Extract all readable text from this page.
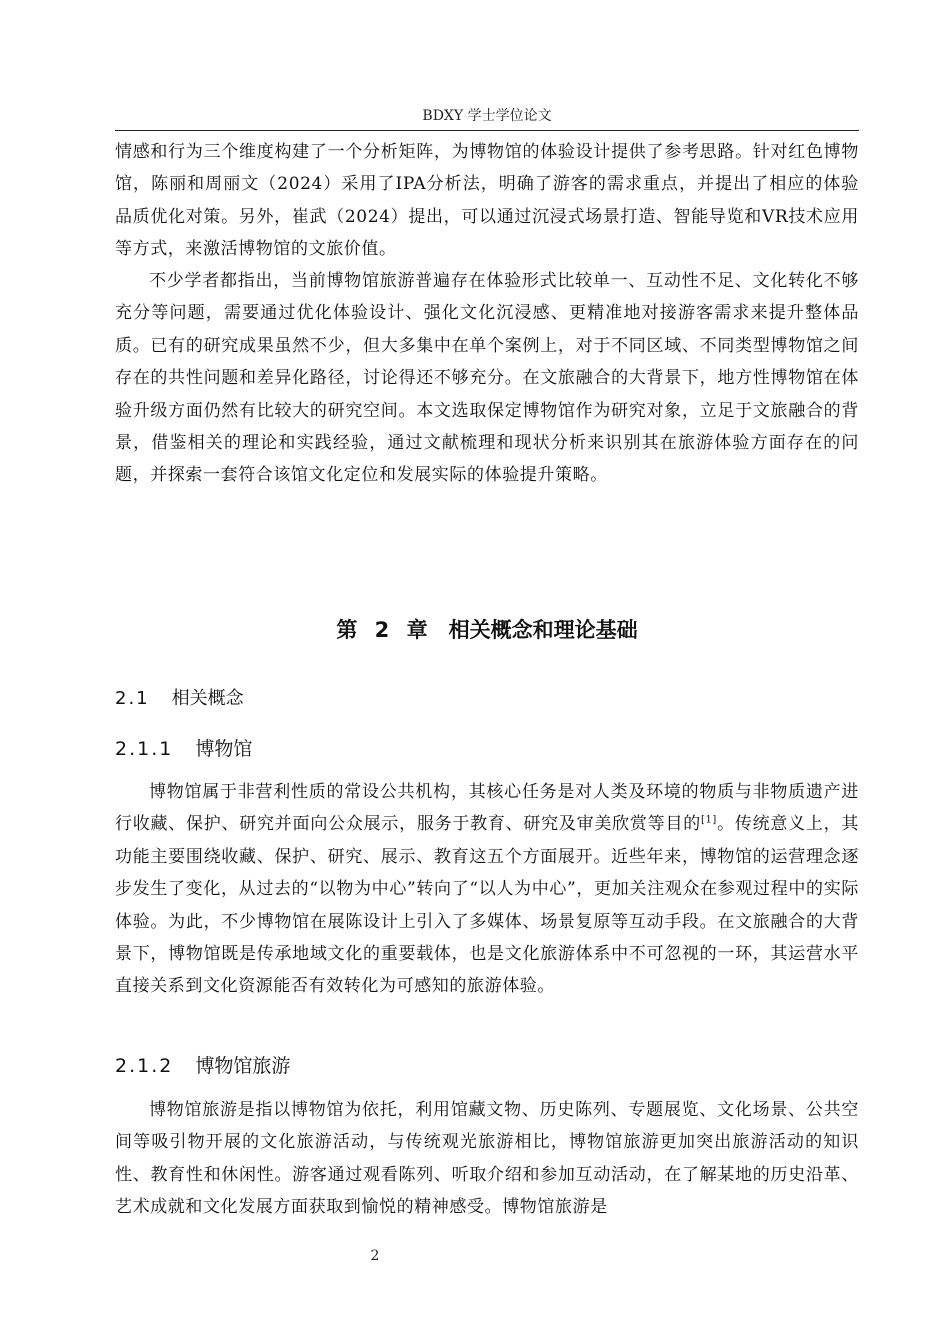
BDXY 学士学位论文

情感和行为三个维度构建了一个分析矩阵，为博物馆的体验设计提供了参考思路。针对红色博物馆，陈丽和周丽文（2024）采用了IPA分析法，明确了游客的需求重点，并提出了相应的体验品质优化对策。另外，崔武（2024）提出，可以通过沉浸式场景打造、智能导览和VR技术应用等方式，来激活博物馆的文旅价值。

不少学者都指出，当前博物馆旅游普遍存在体验形式比较单一、互动性不足、文化转化不够充分等问题，需要通过优化体验设计、强化文化沉浸感、更精准地对接游客需求来提升整体品质。已有的研究成果虽然不少，但大多集中在单个案例上，对于不同区域、不同类型博物馆之间存在的共性问题和差异化路径，讨论得还不够充分。在文旅融合的大背景下，地方性博物馆在体验升级方面仍然有比较大的研究空间。本文选取保定博物馆作为研究对象，立足于文旅融合的背景，借鉴相关的理论和实践经验，通过文献梳理和现状分析来识别其在旅游体验方面存在的问题，并探索一套符合该馆文化定位和发展实际的体验提升策略。

第 2 章　相关概念和理论基础
2.1 相关概念
2.1.1 博物馆

博物馆属于非营利性质的常设公共机构，其核心任务是对人类及环境的物质与非物质遗产进行收藏、保护、研究并面向公众展示，服务于教育、研究及审美欣赏等目的[1]。传统意义上，其功能主要围绕收藏、保护、研究、展示、教育这五个方面展开。近些年来，博物馆的运营理念逐步发生了变化，从过去的“以物为中心”转向了“以人为中心”，更加关注观众在参观过程中的实际体验。为此，不少博物馆在展陈设计上引入了多媒体、场景复原等互动手段。在文旅融合的大背景下，博物馆既是传承地域文化的重要载体，也是文化旅游体系中不可忽视的一环，其运营水平直接关系到文化资源能否有效转化为可感知的旅游体验。

2.1.2 博物馆旅游

博物馆旅游是指以博物馆为依托，利用馆藏文物、历史陈列、专题展览、文化场景、公共空间等吸引物开展的文化旅游活动，与传统观光旅游相比，博物馆旅游更加突出旅游活动的知识性、教育性和休闲性。游客通过观看陈列、听取介绍和参加互动活动，在了解某地的历史沿革、艺术成就和文化发展方面获取到愉悦的精神感受。博物馆旅游是

2
